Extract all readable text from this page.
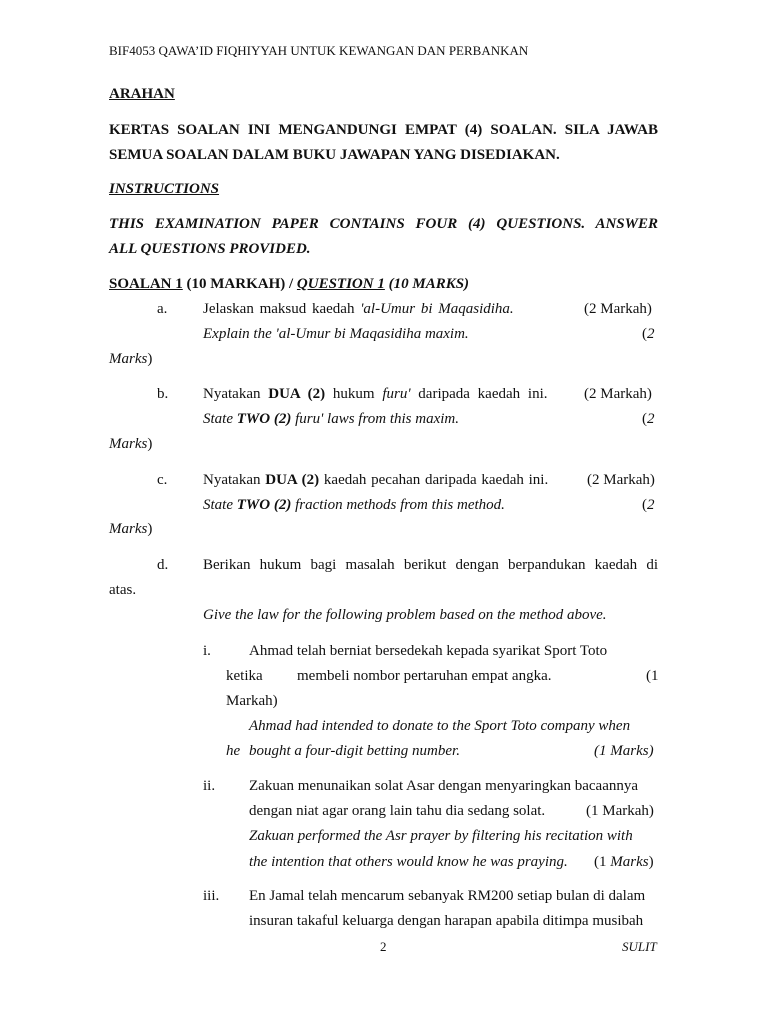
BIF4053 QAWA’ID FIQHIYYAH UNTUK KEWANGAN DAN PERBANKAN
ARAHAN
KERTAS SOALAN INI MENGANDUNGI EMPAT (4) SOALAN. SILA JAWAB
SEMUA SOALAN DALAM BUKU JAWAPAN YANG DISEDIAKAN.
INSTRUCTIONS
THIS EXAMINATION PAPER CONTAINS FOUR (4) QUESTIONS. ANSWER
ALL QUESTIONS PROVIDED.
SOALAN 1 (10 MARKAH) / QUESTION 1 (10 MARKS)
a. Jelaskan maksud kaedah 'al-Umur bi Maqasidiha.	(2 Markah)
Explain the 'al-Umur bi Maqasidiha maxim.	(2
Marks)
b. Nyatakan DUA (2) hukum furu' daripada kaedah ini. (2 Markah)
State TWO (2) furu' laws from this maxim.	(2
Marks)
c. Nyatakan DUA (2) kaedah pecahan daripada kaedah ini.	(2 Markah)
State TWO (2) fraction methods from this method.	(2
Marks)
d. Berikan hukum bagi masalah berikut dengan berpandukan kaedah di
atas.
Give the law for the following problem based on the method above.
i.	Ahmad telah berniat bersedekah kepada syarikat Sport Toto
ketika membeli nombor pertaruhan empat angka.	(1
Markah)
Ahmad had intended to donate to the Sport Toto company when
he bought a four-digit betting number.	(1 Marks)
ii. Zakuan menunaikan solat Asar dengan menyaringkan bacaannya
dengan niat agar orang lain tahu dia sedang solat.	(1 Markah)
Zakuan performed the Asr prayer by filtering his recitation with
the intention that others would know he was praying. (1 Marks)
iii. En Jamal telah mencarum sebanyak RM200 setiap bulan di dalam
insuran takaful keluarga dengan harapan apabila ditimpa musibah
2	SULIT
